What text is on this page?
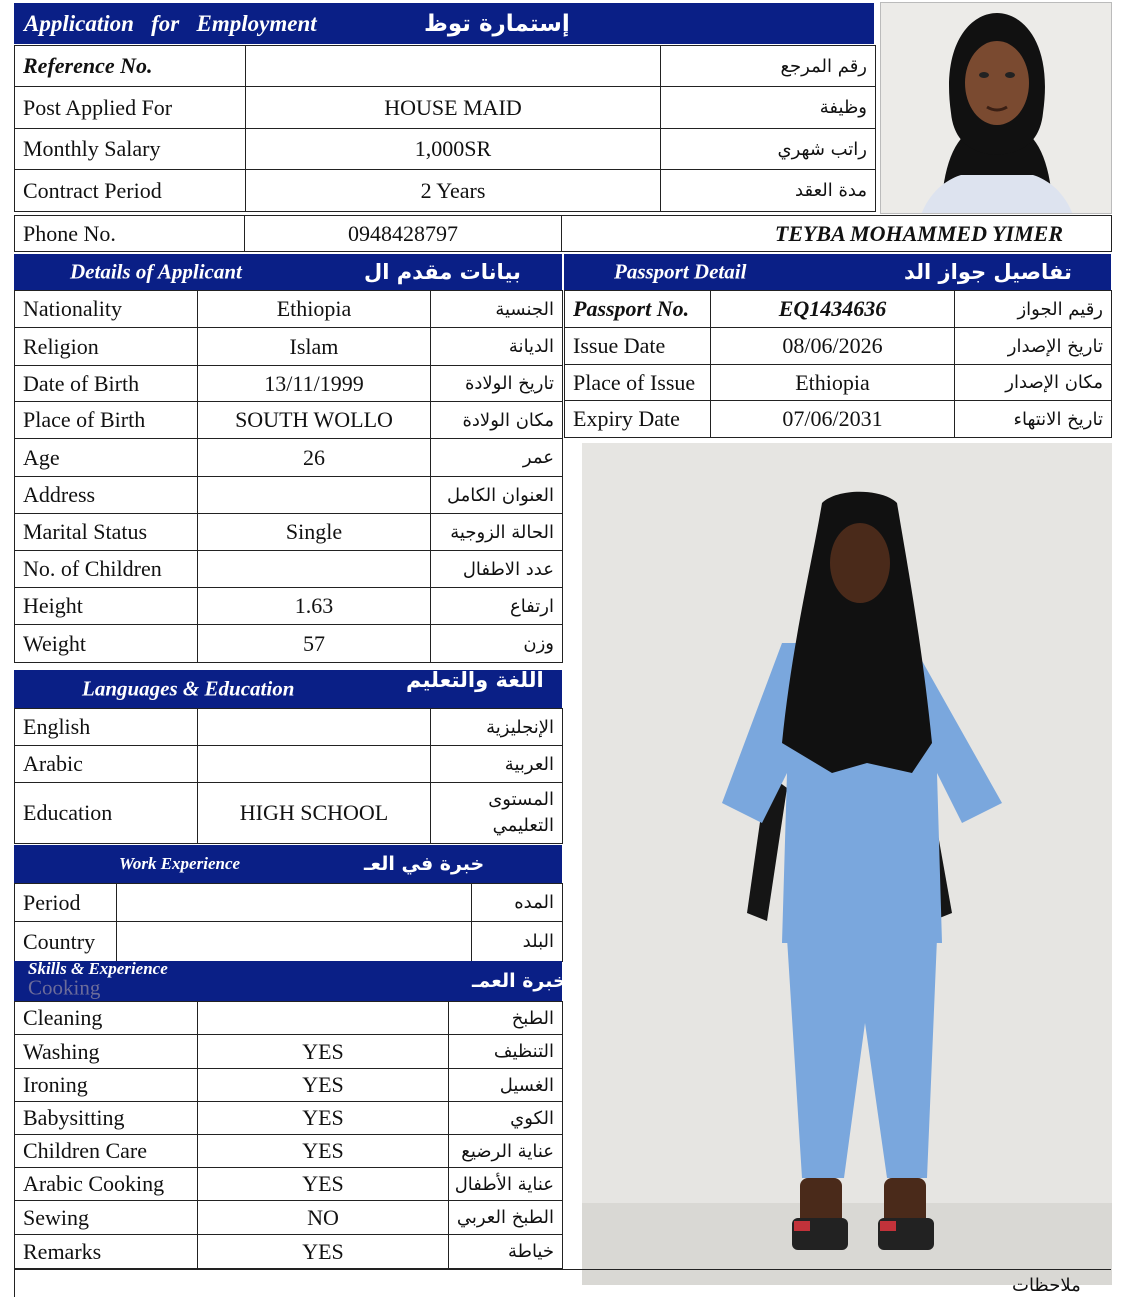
Application   for   Employment	إستمارة توظ
Reference No.		رقم المرجع
Post Applied For	HOUSE MAID	وظيفة
Monthly Salary	1,000SR	راتب شهري
Contract Period	2 Years	مدة العقد
Phone No.	0948428797	TEYBA MOHAMMED YIMER
Details of Applicant	بيانات مقدم ال
Nationality	Ethiopia	الجنسية
Religion	Islam	الديانة
Date of Birth	13/11/1999	تاريخ الولادة
Place of Birth	SOUTH WOLLO	مكان الولادة
Age	26	عمر
Address		العنوان الكامل
Marital Status	Single	الحالة الزوجية
No. of Children		عدد الاطفال
Height	1.63	ارتفاع
Weight	57	وزن
Passport Detail	تفاصيل جواز الد
Passport No.	EQ1434636	رقيم الجواز
Issue Date	08/06/2026	تاريخ الإصدار
Place of Issue	Ethiopia	مكان الإصدار
Expiry Date	07/06/2031	تاريخ الانتهاء
Languages & Education	اللغة والتعليم
English		الإنجليزية
Arabic		العربية
Education	HIGH SCHOOL	المستوى التعليمي
Work Experience	خبرة في العـ
Period		المده
Country		البلد
Cooking
Skills & Experience
خبرة العمـ
Cleaning		الطبخ
Washing	YES	التنظيف
Ironing	YES	الغسيل
Babysitting	YES	الكوي
Children Care	YES	عناية الرضيع
Arabic Cooking	YES	عناية الأطفال
Sewing	NO	الطبخ العربي
Remarks	YES	خياطة
ملاحظات
